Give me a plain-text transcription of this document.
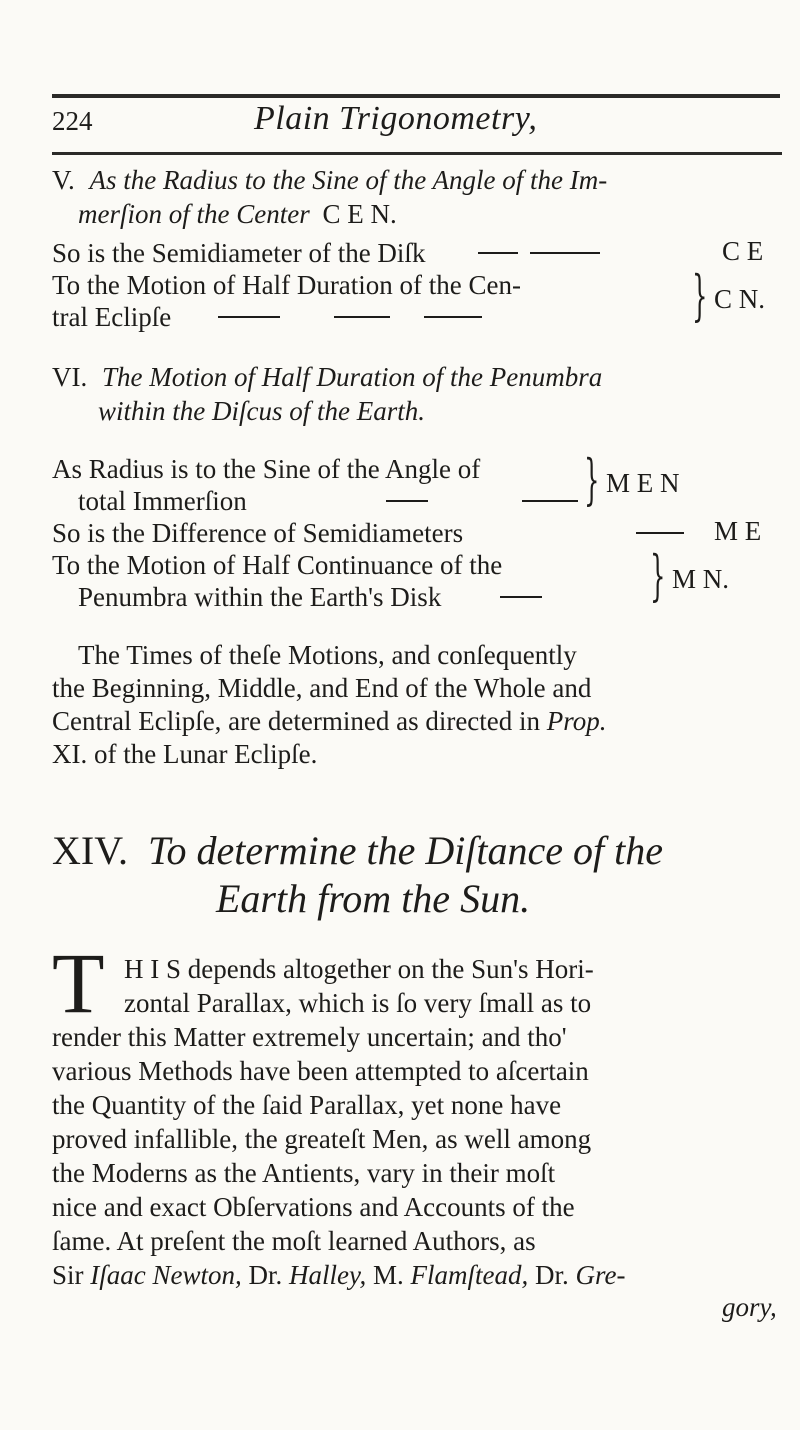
224	Plain Trigonometry,
V. As the Radius to the Sine of the Angle of the Im-
merſion of the Center C E N.
So is the Semidiameter of the Diſk	C E
To the Motion of Half Duration of the Cen-
tral Eclipſe	} C N.
VI. The Motion of Half Duration of the Penumbra
within the Diſcus of the Earth.
As Radius is to the Sine of the Angle of
total Immerſion	} M E N
So is the Difference of Semidiameters	M E
To the Motion of Half Continuance of the
Penumbra within the Earth's Disk	} M N.
The Times of theſe Motions, and conſequently
the Beginning, Middle, and End of the Whole and
Central Eclipſe, are determined as directed in Prop.
XI. of the Lunar Eclipſe.
XIV. To determine the Diſtance of the
Earth from the Sun.
T H I S depends altogether on the Sun's Hori-
zontal Parallax, which is ſo very ſmall as to
render this Matter extremely uncertain; and tho'
various Methods have been attempted to aſcertain
the Quantity of the ſaid Parallax, yet none have
proved infallible, the greateſt Men, as well among
the Moderns as the Antients, vary in their moſt
nice and exact Obſervations and Accounts of the
ſame. At preſent the moſt learned Authors, as
Sir Iſaac Newton, Dr. Halley, M. Flamſtead, Dr. Gre-
gory,
